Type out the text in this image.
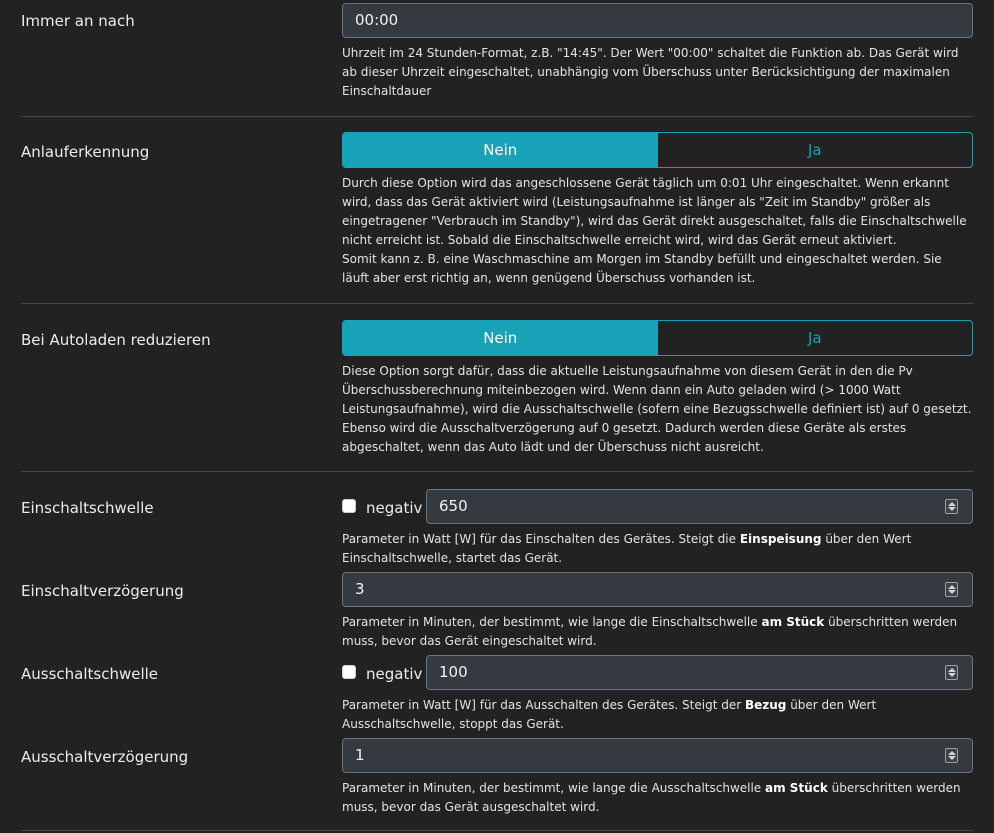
Immer an nach	00:00
Uhrzeit im 24 Stunden-Format, z.B. "14:45". Der Wert "00:00" schaltet die Funktion ab. Das Gerät wird ab dieser Uhrzeit eingeschaltet, unabhängig vom Überschuss unter Berücksichtigung der maximalen Einschaltdauer
Anlauferkennung	Nein	Ja
Durch diese Option wird das angeschlossene Gerät täglich um 0:01 Uhr eingeschaltet. Wenn erkannt wird, dass das Gerät aktiviert wird (Leistungsaufnahme ist länger als "Zeit im Standby" größer als eingetragener "Verbrauch im Standby"), wird das Gerät direkt ausgeschaltet, falls die Einschaltschwelle nicht erreicht ist. Sobald die Einschaltschwelle erreicht wird, wird das Gerät erneut aktiviert.
Somit kann z. B. eine Waschmaschine am Morgen im Standby befüllt und eingeschaltet werden. Sie läuft aber erst richtig an, wenn genügend Überschuss vorhanden ist.
Bei Autoladen reduzieren	Nein	Ja
Diese Option sorgt dafür, dass die aktuelle Leistungsaufnahme von diesem Gerät in den die Pv Überschussberechnung miteinbezogen wird. Wenn dann ein Auto geladen wird (> 1000 Watt Leistungsaufnahme), wird die Ausschaltschwelle (sofern eine Bezugsschwelle definiert ist) auf 0 gesetzt. Ebenso wird die Ausschaltverzögerung auf 0 gesetzt. Dadurch werden diese Geräte als erstes abgeschaltet, wenn das Auto lädt und der Überschuss nicht ausreicht.
Einschaltschwelle	negativ	650
Parameter in Watt [W] für das Einschalten des Gerätes. Steigt die Einspeisung über den Wert Einschaltschwelle, startet das Gerät.
Einschaltverzögerung	3
Parameter in Minuten, der bestimmt, wie lange die Einschaltschwelle am Stück überschritten werden muss, bevor das Gerät eingeschaltet wird.
Ausschaltschwelle	negativ	100
Parameter in Watt [W] für das Ausschalten des Gerätes. Steigt der Bezug über den Wert Ausschaltschwelle, stoppt das Gerät.
Ausschaltverzögerung	1
Parameter in Minuten, der bestimmt, wie lange die Ausschaltschwelle am Stück überschritten werden muss, bevor das Gerät ausgeschaltet wird.
